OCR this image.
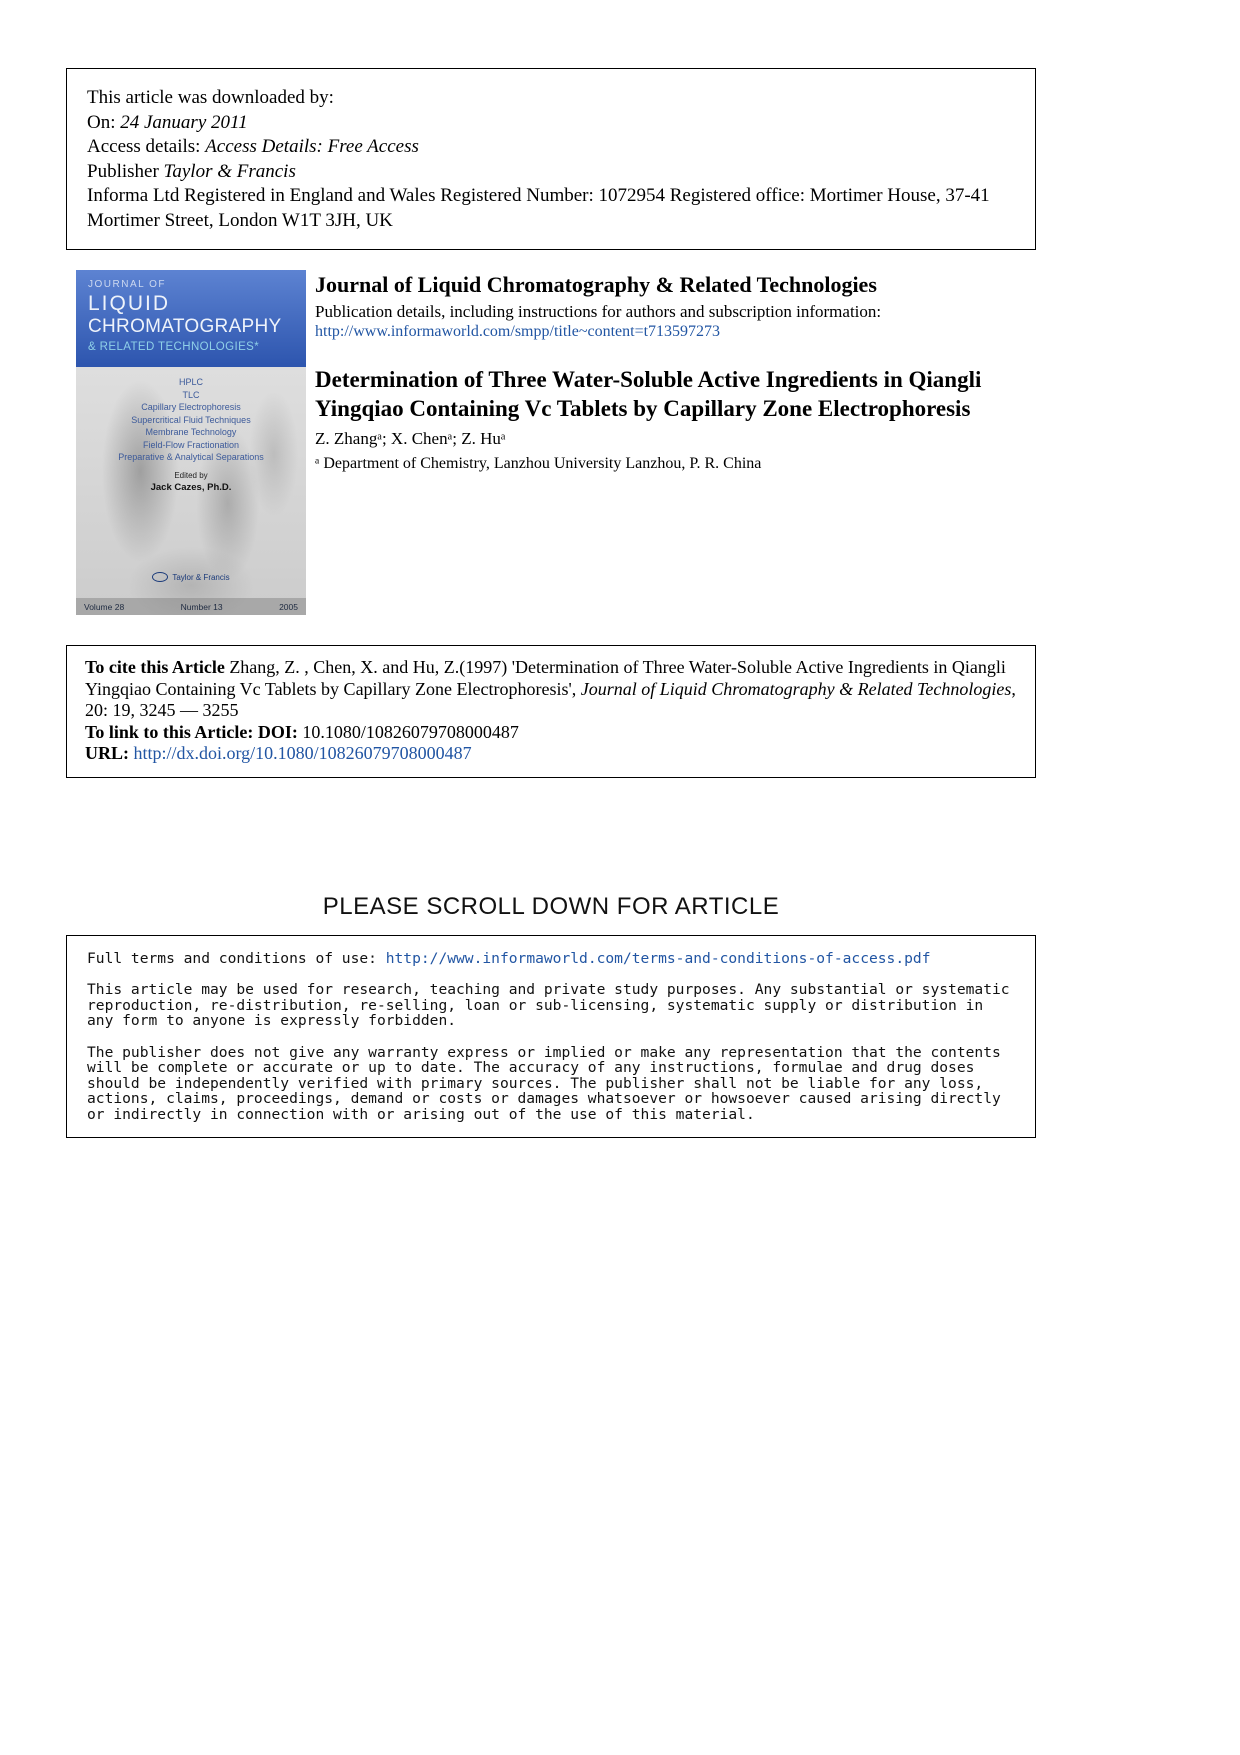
This article was downloaded by:
On: 24 January 2011
Access details: Access Details: Free Access
Publisher Taylor & Francis
Informa Ltd Registered in England and Wales Registered Number: 1072954 Registered office: Mortimer House, 37-41 Mortimer Street, London W1T 3JH, UK
JOURNAL OF
LIQUID
CHROMATOGRAPHY
& RELATED TECHNOLOGIES*
HPLC
TLC
Capillary Electrophoresis
Supercritical Fluid Techniques
Membrane Technology
Field-Flow Fractionation
Preparative & Analytical Separations
Edited by
Jack Cazes, Ph.D.
Taylor & Francis
Volume 28	Number 13	2005
Journal of Liquid Chromatography & Related Technologies
Publication details, including instructions for authors and subscription information:
http://www.informaworld.com/smpp/title~content=t713597273
Determination of Three Water-Soluble Active Ingredients in Qiangli Yingqiao Containing Vc Tablets by Capillary Zone Electrophoresis
Z. Zhangᵃ; X. Chenᵃ; Z. Huᵃ
ᵃ Department of Chemistry, Lanzhou University Lanzhou, P. R. China

To cite this Article Zhang, Z. , Chen, X. and Hu, Z.(1997) 'Determination of Three Water-Soluble Active Ingredients in Qiangli Yingqiao Containing Vc Tablets by Capillary Zone Electrophoresis', Journal of Liquid Chromatography & Related Technologies, 20: 19, 3245 — 3255

To link to this Article: DOI: 10.1080/10826079708000487

URL: http://dx.doi.org/10.1080/10826079708000487

PLEASE SCROLL DOWN FOR ARTICLE
Full terms and conditions of use: http://www.informaworld.com/terms-and-conditions-of-access.pdf

This article may be used for research, teaching and private study purposes. Any substantial or systematic reproduction, re-distribution, re-selling, loan or sub-licensing, systematic supply or distribution in any form to anyone is expressly forbidden.

The publisher does not give any warranty express or implied or make any representation that the contents will be complete or accurate or up to date. The accuracy of any instructions, formulae and drug doses should be independently verified with primary sources. The publisher shall not be liable for any loss, actions, claims, proceedings, demand or costs or damages whatsoever or howsoever caused arising directly or indirectly in connection with or arising out of the use of this material.
